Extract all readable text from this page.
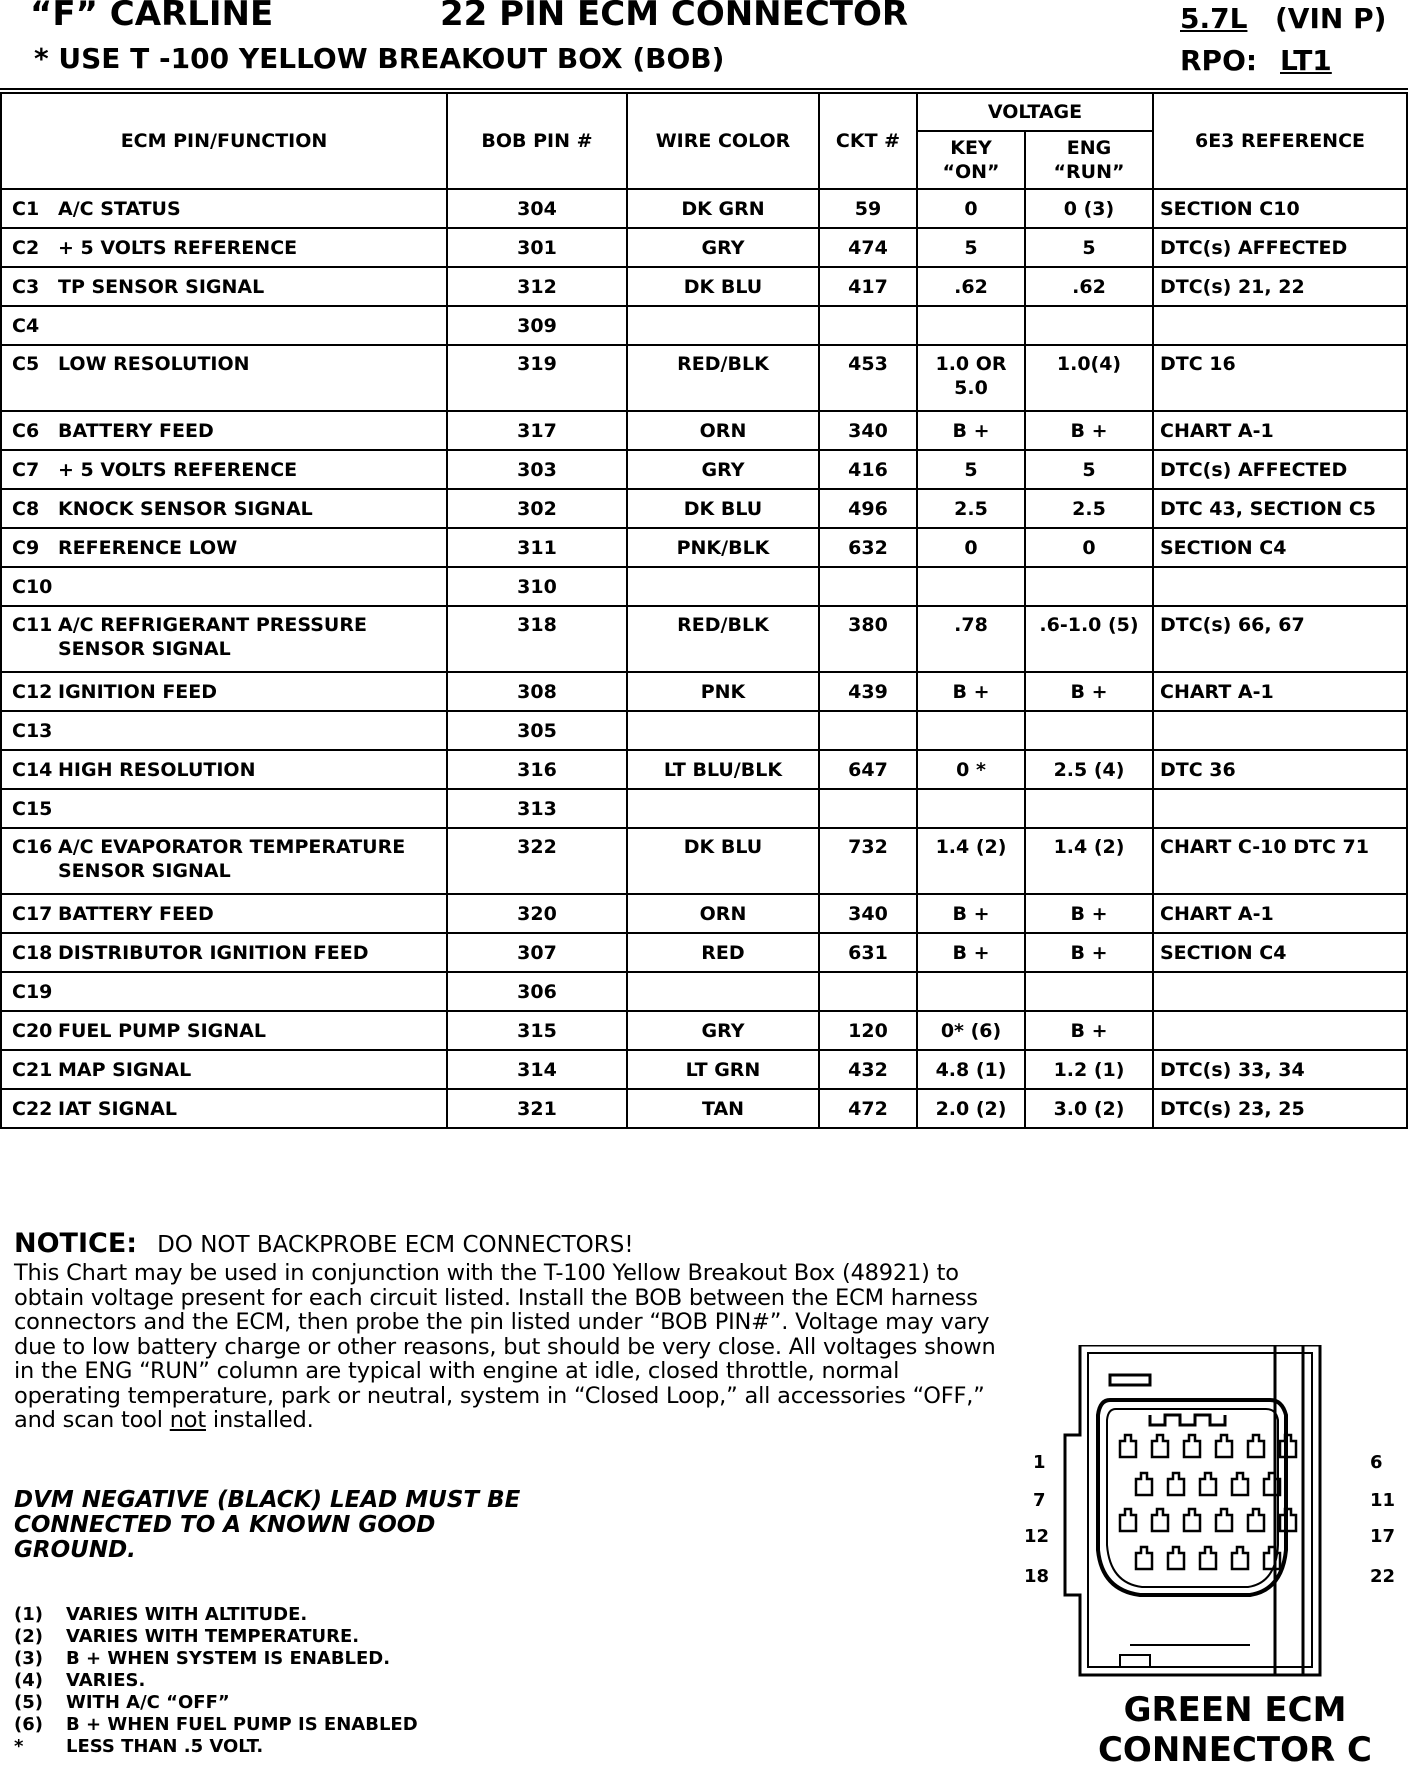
“F” CARLINE	22 PIN ECM CONNECTOR	5.7L (VIN P)
* USE T -100 YELLOW BREAKOUT BOX (BOB)	RPO: LT1
ECM PIN/FUNCTION	BOB PIN #	WIRE COLOR	CKT #	VOLTAGE		6E3 REFERENCE
				KEY “ON”	ENG “RUN”	
C1 A/C STATUS	304	DK GRN	59	0	0 (3)	SECTION C10
C2 + 5 VOLTS REFERENCE	301	GRY	474	5	5	DTC(s) AFFECTED
C3 TP SENSOR SIGNAL	312	DK BLU	417	.62	.62	DTC(s) 21, 22
C4	309					
C5 LOW RESOLUTION	319	RED/BLK	453	1.0 OR 5.0	1.0(4)	DTC 16
C6 BATTERY FEED	317	ORN	340	B +	B +	CHART A-1
C7 + 5 VOLTS REFERENCE	303	GRY	416	5	5	DTC(s) AFFECTED
C8 KNOCK SENSOR SIGNAL	302	DK BLU	496	2.5	2.5	DTC 43, SECTION C5
C9 REFERENCE LOW	311	PNK/BLK	632	0	0	SECTION C4
C10	310					
C11 A/C REFRIGERANT PRESSURE SENSOR SIGNAL	318	RED/BLK	380	.78	.6-1.0 (5)	DTC(s) 66, 67
C12 IGNITION FEED	308	PNK	439	B +	B +	CHART A-1
C13	305					
C14 HIGH RESOLUTION	316	LT BLU/BLK	647	0 *	2.5 (4)	DTC 36
C15	313					
C16 A/C EVAPORATOR TEMPERATURE SENSOR SIGNAL	322	DK BLU	732	1.4 (2)	1.4 (2)	CHART C-10 DTC 71
C17 BATTERY FEED	320	ORN	340	B +	B +	CHART A-1
C18 DISTRIBUTOR IGNITION FEED	307	RED	631	B +	B +	SECTION C4
C19	306					
C20 FUEL PUMP SIGNAL	315	GRY	120	0* (6)	B +	
C21 MAP SIGNAL	314	LT GRN	432	4.8 (1)	1.2 (1)	DTC(s) 33, 34
C22 IAT SIGNAL	321	TAN	472	2.0 (2)	3.0 (2)	DTC(s) 23, 25
NOTICE: DO NOT BACKPROBE ECM CONNECTORS!
This Chart may be used in conjunction with the T-100 Yellow Breakout Box (48921) to obtain voltage present for each circuit listed. Install the BOB between the ECM harness connectors and the ECM, then probe the pin listed under “BOB PIN#”. Voltage may vary due to low battery charge or other reasons, but should be very close. All voltages shown in the ENG “RUN” column are typical with engine at idle, closed throttle, normal operating temperature, park or neutral, system in “Closed Loop,” all accessories “OFF,” and scan tool not installed.
DVM NEGATIVE (BLACK) LEAD MUST BE CONNECTED TO A KNOWN GOOD GROUND.
(1)	VARIES WITH ALTITUDE.
(2)	VARIES WITH TEMPERATURE.
(3)	B + WHEN SYSTEM IS ENABLED.
(4)	VARIES.
(5)	WITH A/C “OFF”
(6)	B + WHEN FUEL PUMP IS ENABLED
*	LESS THAN .5 VOLT.
1	6
7	11
12	17
18	22
GREEN ECM
CONNECTOR C
